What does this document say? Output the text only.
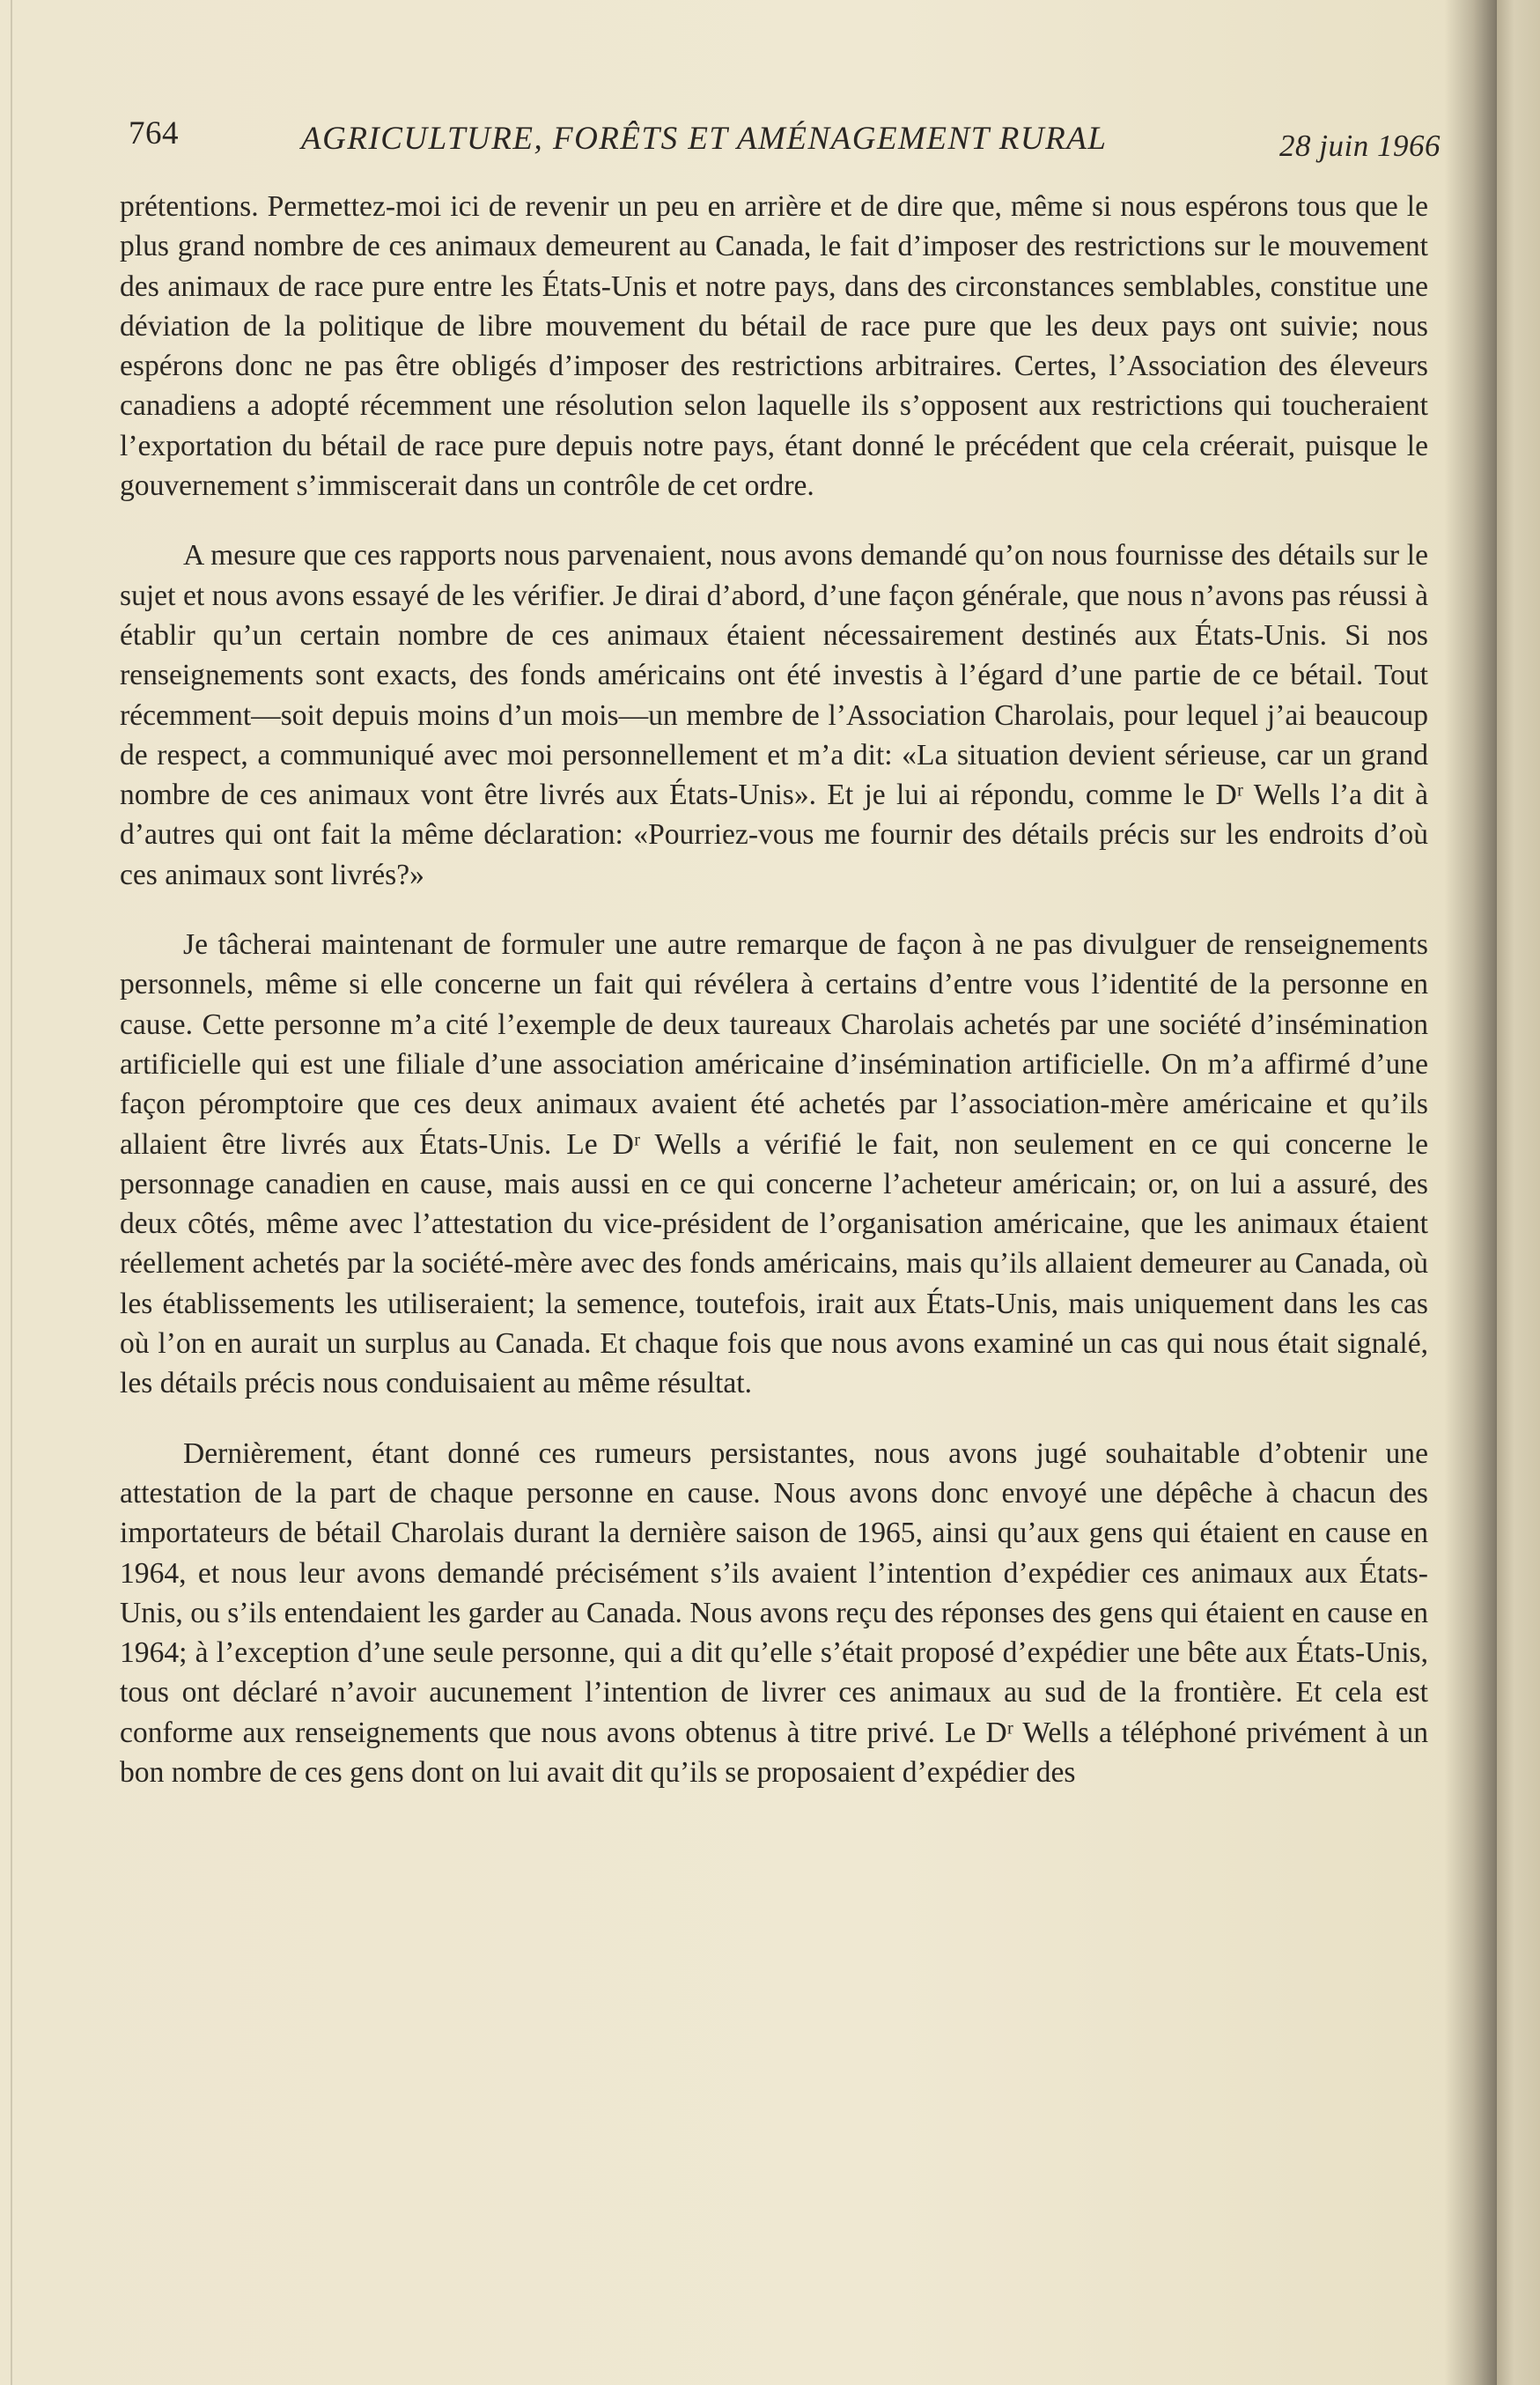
764	AGRICULTURE, FORÊTS ET AMÉNAGEMENT RURAL	28 juin 1966

prétentions. Permettez-moi ici de revenir un peu en arrière et de dire que, même si nous espérons tous que le plus grand nombre de ces animaux demeurent au Canada, le fait d’imposer des restrictions sur le mouvement des animaux de race pure entre les États-Unis et notre pays, dans des circonstances semblables, constitue une déviation de la politique de libre mouvement du bétail de race pure que les deux pays ont suivie; nous espérons donc ne pas être obligés d’imposer des restrictions arbitraires. Certes, l’Association des éleveurs canadiens a adopté récemment une résolution selon laquelle ils s’opposent aux restrictions qui toucheraient l’exportation du bétail de race pure depuis notre pays, étant donné le précédent que cela créerait, puisque le gouvernement s’immiscerait dans un contrôle de cet ordre.

A mesure que ces rapports nous parvenaient, nous avons demandé qu’on nous fournisse des détails sur le sujet et nous avons essayé de les vérifier. Je dirai d’abord, d’une façon générale, que nous n’avons pas réussi à établir qu’un certain nombre de ces animaux étaient nécessairement destinés aux États-Unis. Si nos renseignements sont exacts, des fonds américains ont été investis à l’égard d’une partie de ce bétail. Tout récemment—soit depuis moins d’un mois—un membre de l’Association Charolais, pour lequel j’ai beaucoup de respect, a communiqué avec moi personnellement et m’a dit: «La situation devient sérieuse, car un grand nombre de ces animaux vont être livrés aux États-Unis». Et je lui ai répondu, comme le Dʳ Wells l’a dit à d’autres qui ont fait la même déclaration: «Pourriez-vous me fournir des détails précis sur les endroits d’où ces animaux sont livrés?»

Je tâcherai maintenant de formuler une autre remarque de façon à ne pas divulguer de renseignements personnels, même si elle concerne un fait qui révélera à certains d’entre vous l’identité de la personne en cause. Cette personne m’a cité l’exemple de deux taureaux Charolais achetés par une société d’insémination artificielle qui est une filiale d’une association américaine d’insémination artificielle. On m’a affirmé d’une façon péromptoire que ces deux animaux avaient été achetés par l’association-mère américaine et qu’ils allaient être livrés aux États-Unis. Le Dʳ Wells a vérifié le fait, non seulement en ce qui concerne le personnage canadien en cause, mais aussi en ce qui concerne l’acheteur américain; or, on lui a assuré, des deux côtés, même avec l’attestation du vice-président de l’organisation américaine, que les animaux étaient réellement achetés par la société-mère avec des fonds américains, mais qu’ils allaient demeurer au Canada, où les établissements les utiliseraient; la semence, toutefois, irait aux États-Unis, mais uniquement dans les cas où l’on en aurait un surplus au Canada. Et chaque fois que nous avons examiné un cas qui nous était signalé, les détails précis nous conduisaient au même résultat.

Dernièrement, étant donné ces rumeurs persistantes, nous avons jugé souhaitable d’obtenir une attestation de la part de chaque personne en cause. Nous avons donc envoyé une dépêche à chacun des importateurs de bétail Charolais durant la dernière saison de 1965, ainsi qu’aux gens qui étaient en cause en 1964, et nous leur avons demandé précisément s’ils avaient l’intention d’expédier ces animaux aux États-Unis, ou s’ils entendaient les garder au Canada. Nous avons reçu des réponses des gens qui étaient en cause en 1964; à l’exception d’une seule personne, qui a dit qu’elle s’était proposé d’expédier une bête aux États-Unis, tous ont déclaré n’avoir aucunement l’intention de livrer ces animaux au sud de la frontière. Et cela est conforme aux renseignements que nous avons obtenus à titre privé. Le Dʳ Wells a téléphoné privément à un bon nombre de ces gens dont on lui avait dit qu’ils se proposaient d’expédier des
